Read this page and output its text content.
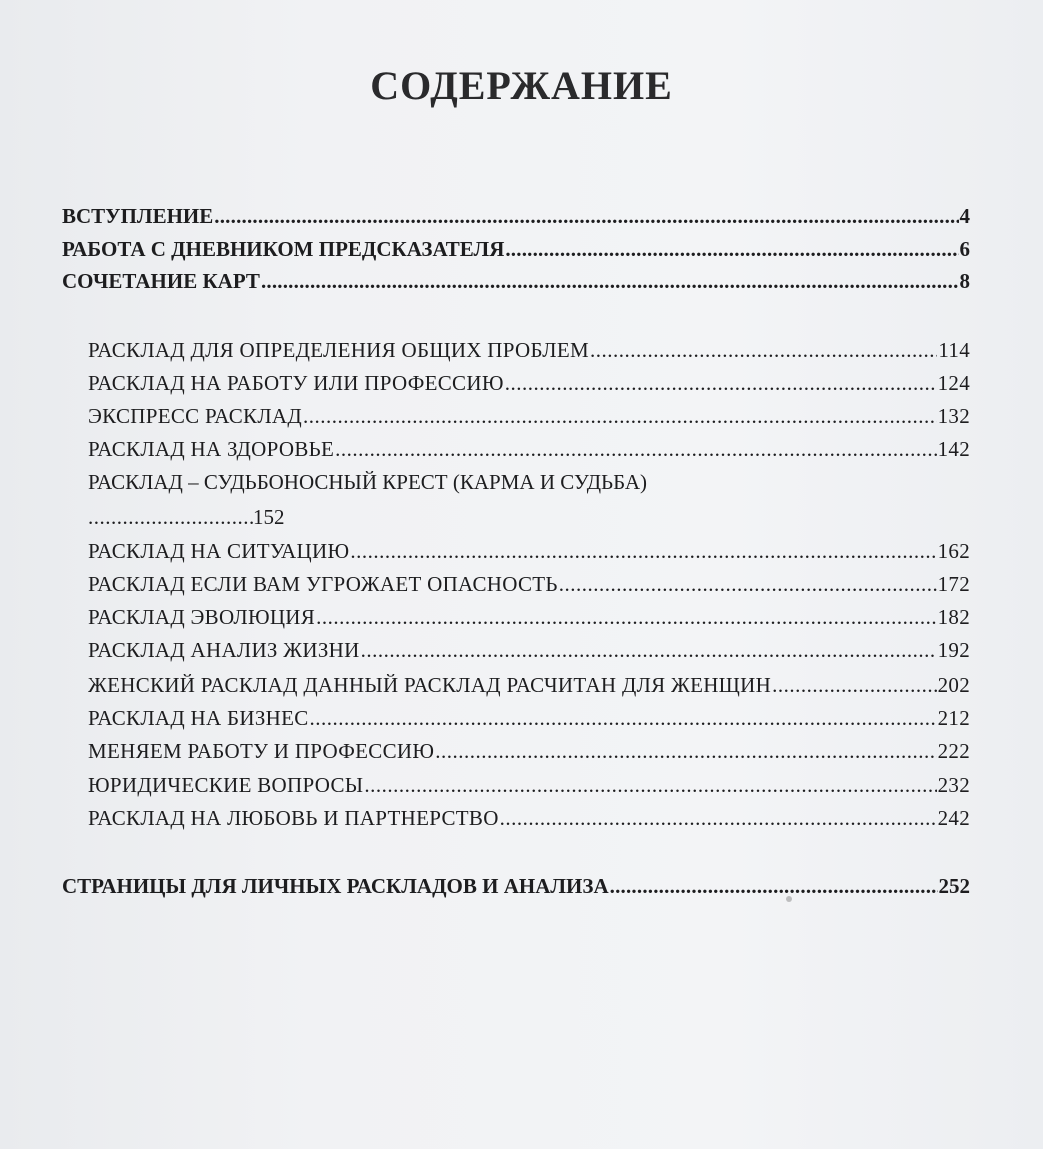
СОДЕРЖАНИЕ
ВСТУПЛЕНИЕ .....	4
РАБОТА С ДНЕВНИКОМ ПРЕДСКАЗАТЕЛЯ .....	6
СОЧЕТАНИЕ КАРТ .....	8
РАСКЛАД ДЛЯ ОПРЕДЕЛЕНИЯ ОБЩИХ ПРОБЛЕМ .....	114
РАСКЛАД НА РАБОТУ ИЛИ ПРОФЕССИЮ .....	124
ЭКСПРЕСС РАСКЛАД .....	132
РАСКЛАД НА ЗДОРОВЬЕ .....	142
РАСКЛАД – СУДЬБОНОСНЫЙ КРЕСТ (КАРМА И СУДЬБА)
.....152
РАСКЛАД НА СИТУАЦИЮ .....	162
РАСКЛАД ЕСЛИ ВАМ УГРОЖАЕТ ОПАСНОСТЬ .....	172
РАСКЛАД ЭВОЛЮЦИЯ .....	182
РАСКЛАД АНАЛИЗ ЖИЗНИ .....	192
ЖЕНСКИЙ РАСКЛАД ДАННЫЙ РАСКЛАД РАСЧИТАН ДЛЯ ЖЕНЩИН .....	202
РАСКЛАД НА БИЗНЕС .....	212
МЕНЯЕМ РАБОТУ И ПРОФЕССИЮ .....	222
ЮРИДИЧЕСКИЕ ВОПРОСЫ .....	232
РАСКЛАД НА ЛЮБОВЬ И ПАРТНЕРСТВО .....	242
СТРАНИЦЫ ДЛЯ ЛИЧНЫХ РАСКЛАДОВ И АНАЛИЗА .....	252
